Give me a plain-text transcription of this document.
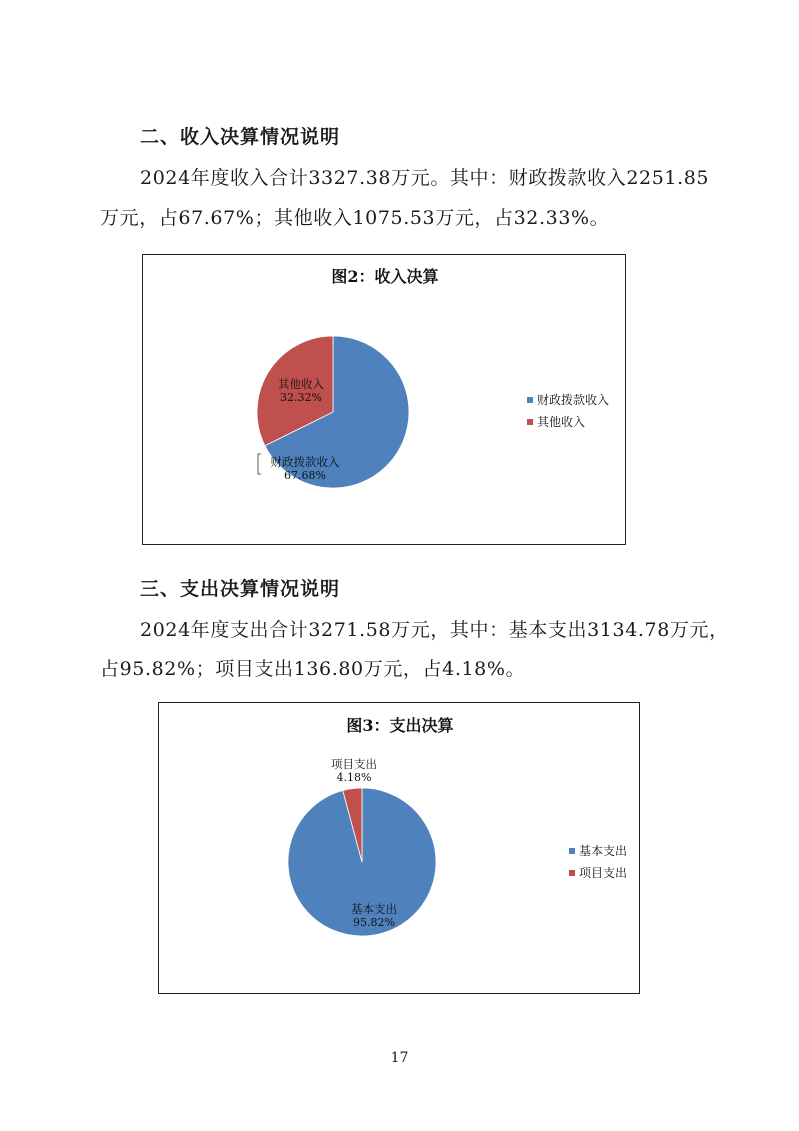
二、收入决算情况说明
2024年度收入合计3327.38万元。其中：财政拨款收入2251.85
万元，占67.67%；其他收入1075.53万元，占32.33%。
图2：收入决算
财政拨款收入
67.68%
其他收入
32.32%	财政拨款收入
其他收入
三、支出决算情况说明
2024年度支出合计3271.58万元，其中：基本支出3134.78万元，
占95.82%；项目支出136.80万元，占4.18%。
图3：支出决算
基本支出
95.82%
项目支出
4.18%
基本支出
项目支出
17
